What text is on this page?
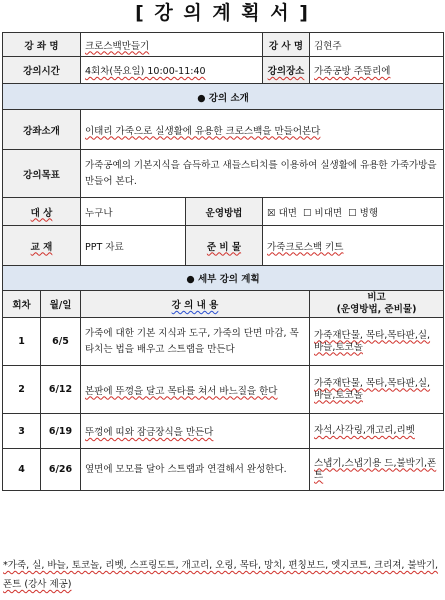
[ 강 의 계 획 서 ]
강 좌 명		크로스백만들기		강 사 명	김현주
강의시간		4회차(목요일) 10:00-11:40		강의장소	가죽공방 주뜰리에
● 강의 소개					
강좌소개		이태리 가죽으로 실생활에 유용한 크로스백을 만들어본다			
강의목표		가죽공예의 기본지식을 습득하고 새들스티치를 이용하여 실생활에 유용한 가죽가방을 만들어 본다.			
대 상		누구나	운영방법	☒ 대면 ☐ 비대면 ☐ 병행	
교 재		PPT 자료	준 비 물	가죽크로스백 키트	
● 세부 강의 계획					
회차	월/일	강 의 내 용			비고
(운영방법, 준비물)
1	6/5	가죽에 대한 기본 지식과 도구, 가죽의 단면 마감, 목타치는 법을 배우고 스트랩을 만든다			가죽재단물, 목타,목타판,실, 바늘,토코놀
2	6/12	본판에 뚜껑을 달고 목타를 쳐서 바느질을 한다			가죽재단물, 목타,목타판,실, 바늘,토코놀
3	6/19	뚜껑에 띠와 잠금장식을 만든다			자석,사각링,개고리,리벳
4	6/26	옆면에 모모를 달아 스트랩과 연결해서 완성한다.			스냅기,스냅기용 드,불박기,폰트
*가죽, 실, 바늘, 토코놀, 리벳, 스프링도트, 개고리, 오링, 목타, 망치, 편칭보드, 엣지코트, 크리져, 불박기, 폰트 (강사 제공)
